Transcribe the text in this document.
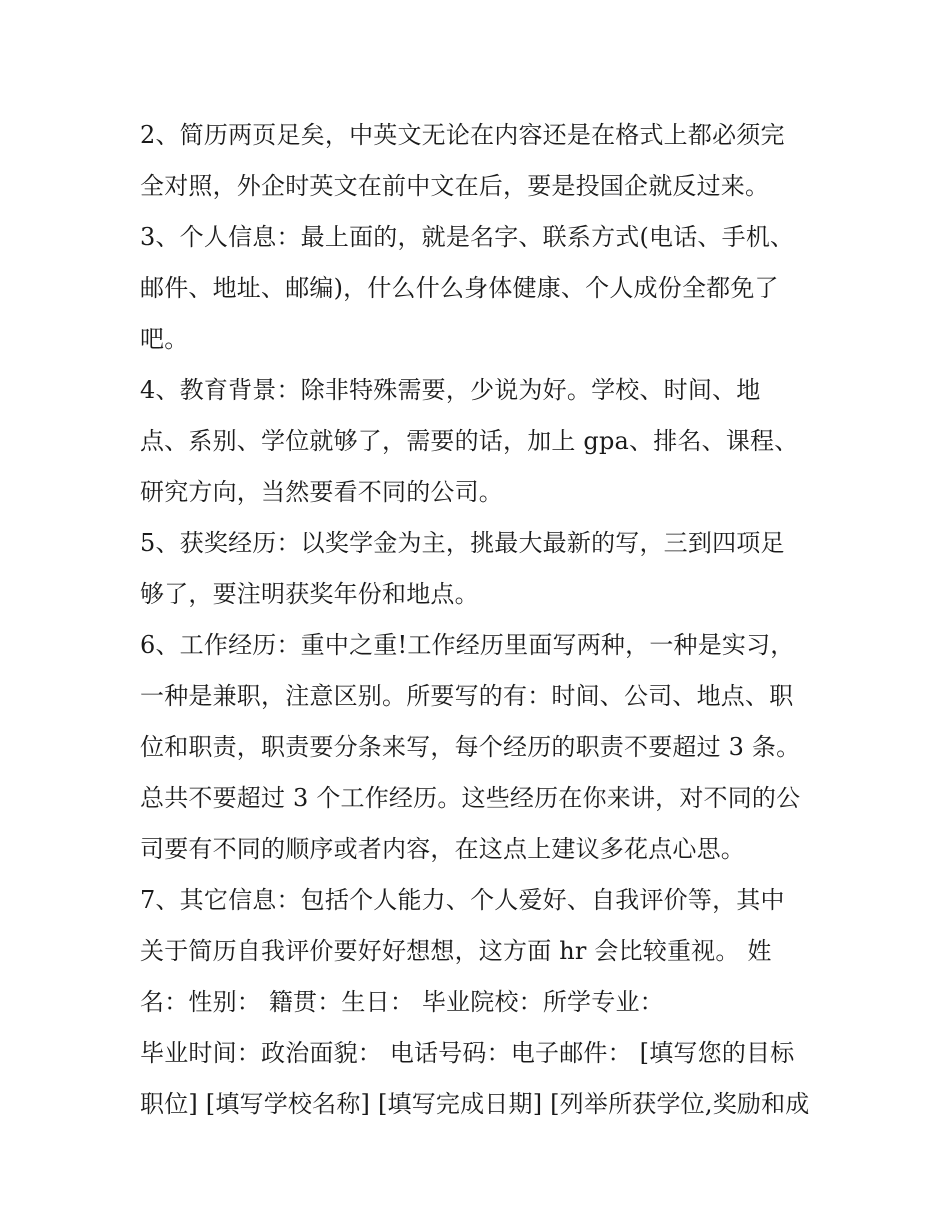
2、简历两页足矣，中英文无论在内容还是在格式上都必须完
全对照，外企时英文在前中文在后，要是投国企就反过来。
3、个人信息：最上面的，就是名字、联系方式(电话、手机、
邮件、地址、邮编)，什么什么身体健康、个人成份全都免了
吧。
4、教育背景：除非特殊需要，少说为好。学校、时间、地
点、系别、学位就够了，需要的话，加上 gpa、排名、课程、
研究方向，当然要看不同的公司。
5、获奖经历：以奖学金为主，挑最大最新的写，三到四项足
够了，要注明获奖年份和地点。
6、工作经历：重中之重!工作经历里面写两种，一种是实习，
一种是兼职，注意区别。所要写的有：时间、公司、地点、职
位和职责，职责要分条来写，每个经历的职责不要超过 3 条。
总共不要超过 3 个工作经历。这些经历在你来讲，对不同的公
司要有不同的顺序或者内容，在这点上建议多花点心思。
7、其它信息：包括个人能力、个人爱好、自我评价等，其中
关于简历自我评价要好好想想，这方面 hr 会比较重视。 姓
名：性别： 籍贯：生日： 毕业院校：所学专业：
毕业时间：政治面貌： 电话号码：电子邮件： [填写您的目标
职位] [填写学校名称] [填写完成日期] [列举所获学位,奖励和成
